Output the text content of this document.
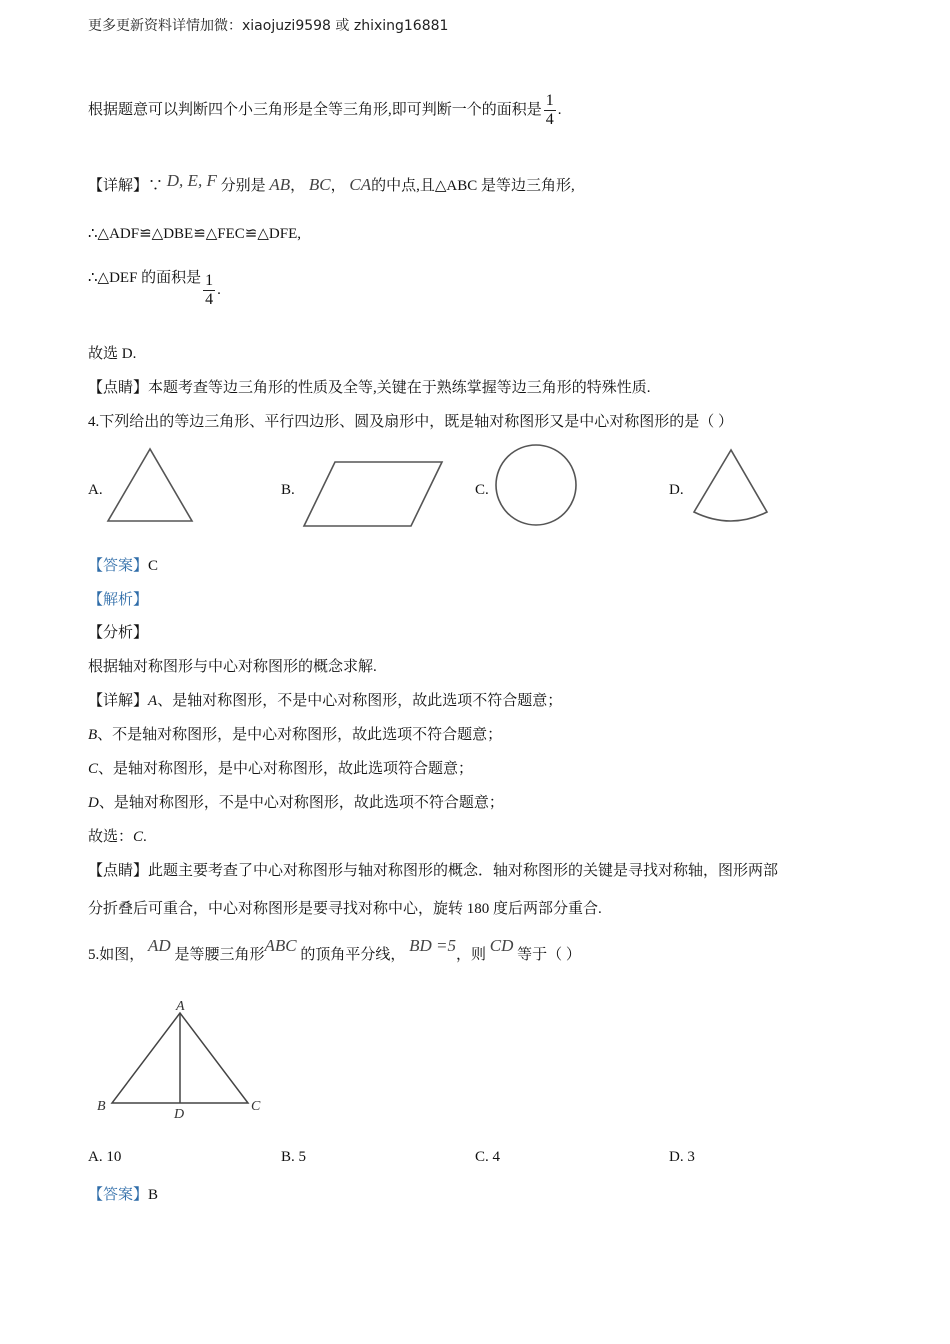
更多更新资料详情加微：xiaojuzi9598 或 zhixing16881
根据题意可以判断四个小三角形是全等三角形,即可判断一个的面积是 $\frac{1}{4}$ .
【详解】∵ D, E, F 分别是 AB， BC， CA的中点,且△ABC 是等边三角形,
∴△ADF≌△DBE≌△FEC≌△DFE,
∴△DEF 的面积是 $\frac{1}{4}$ .
故选 D.
【点睛】本题考查等边三角形的性质及全等,关键在于熟练掌握等边三角形的特殊性质.
4.下列给出的等边三角形、平行四边形、圆及扇形中，既是轴对称图形又是中心对称图形的是（ ）
A.	B.	C.	D.
【答案】C
【解析】
【分析】
根据轴对称图形与中心对称图形的概念求解.
【详解】A、是轴对称图形，不是中心对称图形，故此选项不符合题意；
B、不是轴对称图形，是中心对称图形，故此选项不符合题意；
C、是轴对称图形，是中心对称图形，故此选项符合题意；
D、是轴对称图形，不是中心对称图形，故此选项不符合题意；
故选：C.
【点睛】此题主要考查了中心对称图形与轴对称图形的概念．轴对称图形的关键是寻找对称轴，图形两部
分折叠后可重合，中心对称图形是要寻找对称中心，旋转 180 度后两部分重合.
5.如图， AD 是等腰三角形ABC 的顶角平分线， BD =5，则 CD 等于（ ）
A
B	C
D
A. 10	B. 5	C. 4	D. 3
【答案】B
